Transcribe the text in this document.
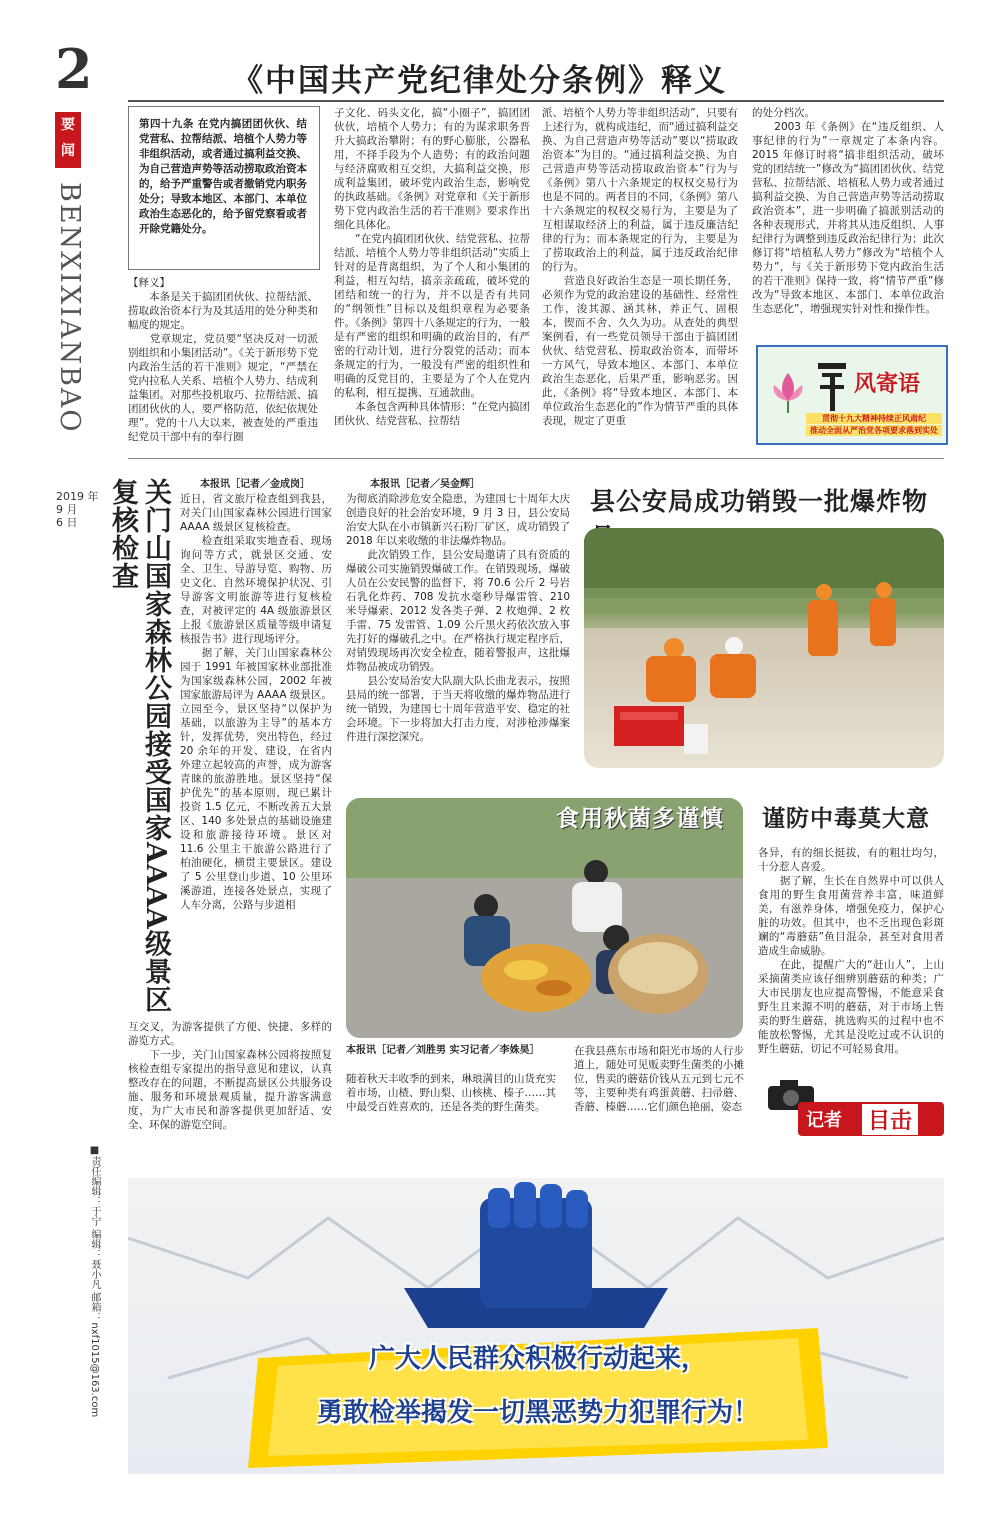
2
要闻
BENXIXIANBAO
2019 年
9 月
6 日
■责任编辑：于宁 编辑：聂小凡 邮箱：nxf1015@163.com
《中国共产党纪律处分条例》释义
第四十九条 在党内搞团团伙伙、结党营私、拉帮结派、培植个人势力等非组织活动，或者通过搞利益交换、为自己营造声势等活动捞取政治资本的，给予严重警告或者撤销党内职务处分；导致本地区、本部门、本单位政治生态恶化的，给予留党察看或者开除党籍处分。
【释义】
　　本条是关于搞团团伙伙、拉帮结派、捞取政治资本行为及其适用的处分种类和幅度的规定。
　　党章规定，党员要“坚决反对一切派别组织和小集团活动”。《关于新形势下党内政治生活的若干准则》规定，“严禁在党内拉私人关系、培植个人势力、结成利益集团。对那些投机取巧、拉帮结派、搞团团伙伙的人，要严格防范，依纪依规处理”。党的十八大以来，被查处的严重违纪党员干部中有的奉行圈
子文化、码头文化，搞“小圈子”，搞团团伙伙，培植个人势力；有的为谋求职务晋升大搞政治攀附；有的野心膨胀，公器私用，不择手段为个人造势；有的政治问题与经济腐败相互交织，大搞利益交换，形成利益集团，破坏党内政治生态，影响党的执政基础。《条例》对党章和《关于新形势下党内政治生活的若干准则》要求作出细化具体化。
　　“在党内搞团团伙伙、结党营私、拉帮结派、培植个人势力等非组织活动”实质上针对的是背离组织，为了个人和小集团的利益，相互勾结，搞亲亲疏疏，破坏党的团结和统一的行为，并不以是否有共同的“纲领性”目标以及组织章程为必要条件。《条例》第四十八条规定的行为，一般是有严密的组织和明确的政治目的，有严密的行动计划，进行分裂党的活动；而本条规定的行为，一般没有严密的组织性和明确的反党目的，主要是为了个人在党内的私利，相互提携、互通款曲。
　　本条包含两种具体情形：“在党内搞团团伙伙、结党营私、拉帮结
派、培植个人势力等非组织活动”，只要有上述行为，就构成违纪，而“通过搞利益交换、为自己营造声势等活动”要以“捞取政治资本”为目的。“通过搞利益交换、为自己营造声势等活动捞取政治资本”行为与《条例》第八十六条规定的权权交易行为也是不同的。两者目的不同，《条例》第八十六条规定的权权交易行为，主要是为了互相谋取经济上的利益，属于违反廉洁纪律的行为；而本条规定的行为，主要是为了捞取政治上的利益，属于违反政治纪律的行为。
　　营造良好政治生态是一项长期任务，必须作为党的政治建设的基础性、经常性工作，浚其源、涵其林，养正气、固根本，锲而不舍、久久为功。从查处的典型案例看，有一些党员领导干部由于搞团团伙伙、结党营私、捞取政治资本，而带坏一方风气，导致本地区、本部门、本单位政治生态恶化，后果严重，影响恶劣。因此，《条例》将“导致本地区、本部门、本单位政治生态恶化的”作为情节严重的具体表现，规定了更重
的处分档次。
　　2003 年《条例》在“违反组织、人事纪律的行为”一章规定了本条内容。2015 年修订时将“搞非组织活动，破坏党的团结统一”修改为“搞团团伙伙、结党营私、拉帮结派、培植私人势力或者通过搞利益交换、为自己营造声势等活动捞取政治资本”，进一步明确了搞派别活动的各种表现形式，并将其从违反组织、人事纪律行为调整到违反政治纪律行为；此次修订将“培植私人势力”修改为“培植个人势力”，与《关于新形势下党内政治生活的若干准则》保持一致，将“情节严重”修改为“导致本地区、本部门、本单位政治生态恶化”，增强现实针对性和操作性。
风寄语
贯彻十九大精神持续正风肃纪
推动全面从严治党各项要求落到实处
关门山国家森林公园接受国家AAAA级景区复核检查	本报讯［记者／金成岗］
近日，省文旅厅检查组到我县，对关门山国家森林公园进行国家 AAAA 级景区复核检查。
　　检查组采取实地查看、现场询问等方式，就景区交通、安全、卫生、导游导览、购物、历史文化、自然环境保护状况、引导游客文明旅游等进行复核检查，对被评定的 4A 级旅游景区上报《旅游景区质量等级申请复核报告书》进行现场评分。
　　据了解，关门山国家森林公园于 1991 年被国家林业部批准为国家级森林公园，2002 年被国家旅游局评为 AAAA 级景区。立园至今，景区坚持“以保护为基础，以旅游为主导”的基本方针，发挥优势，突出特色，经过 20 余年的开发、建设，在省内外建立起较高的声誉，成为游客青睐的旅游胜地。景区坚持“保护优先”的基本原则，现已累计投资 1.5 亿元，不断改善五大景区、140 多处景点的基础设施建设和旅游接待环境。景区对 11.6 公里主干旅游公路进行了柏油硬化，横贯主要景区。建设了 5 公里登山步道、10 公里环溪游道，连接各处景点，实现了人车分离，公路与步道相
互交叉，为游客提供了方便、快捷、多样的游览方式。
　　下一步，关门山国家森林公园将按照复核检查组专家提出的指导意见和建议，认真整改存在的问题，不断提高景区公共服务设施、服务和环境景观质量，提升游客满意度，为广大市民和游客提供更加舒适、安全、环保的游览空间。
本报讯［记者／吴金辉］
为彻底消除涉危安全隐患，为建国七十周年大庆创造良好的社会治安环境，9 月 3 日，县公安局治安大队在小市镇新兴石粉厂矿区，成功销毁了 2018 年以来收缴的非法爆炸物品。
　　此次销毁工作，县公安局邀请了具有资质的爆破公司实施销毁爆破工作。在销毁现场，爆破人员在公安民警的监督下，将 70.6 公斤 2 号岩石乳化炸药、708 发抗水毫秒导爆雷管、210 米导爆索、2012 发各类子弹、2 枚炮弹、2 枚手雷、75 发雷管、1.09 公斤黑火药依次放入事先打好的爆破孔之中。在严格执行规定程序后，对销毁现场再次安全检查，随着警报声，这批爆炸物品被成功销毁。
　　县公安局治安大队副大队长曲龙表示，按照县局的统一部署，于当天将收缴的爆炸物品进行统一销毁，为建国七十周年营造平安、稳定的社会环境。下一步将加大打击力度，对涉枪涉爆案件进行深挖深究。
县公安局成功销毁一批爆炸物
食用秋菌多谨慎	谨防中毒莫大意
本报讯［记者／刘胜男 实习记者／李姝昊］
随着秋天丰收季的到来，琳琅满目的山货充实着市场，山楂、野山梨、山核桃、榛子……其中最受百姓喜欢的，还是各类的野生菌类。
在我县燕东市场和阳光市场的人行步道上，随处可见贩卖野生菌类的小摊位，售卖的蘑菇价钱从五元到七元不等，主要种类有鸡蛋黄蘑、扫帚蘑、香蘑、榛蘑……它们颜色艳丽，姿态
各异，有的细长挺拔，有的粗壮均匀，十分惹人喜爱。
　　据了解，生长在自然界中可以供人食用的野生食用菌营养丰富，味道鲜美，有滋养身体，增强免疫力，保护心脏的功效。但其中，也不乏出现色彩斑斓的“毒蘑菇”鱼目混杂，甚至对食用者造成生命威胁。
　　在此，提醒广大的“赶山人”，上山采摘菌类应该仔细辨别蘑菇的种类；广大市民朋友也应提高警惕，不能意采食野生且来源不明的蘑菇，对于市场上售卖的野生蘑菇，挑选购买的过程中也不能放松警惕，尤其是没吃过或不认识的野生蘑菇，切记不可轻易食用。
记者 目击
广大人民群众积极行动起来，
勇敢检举揭发一切黑恶势力犯罪行为！
